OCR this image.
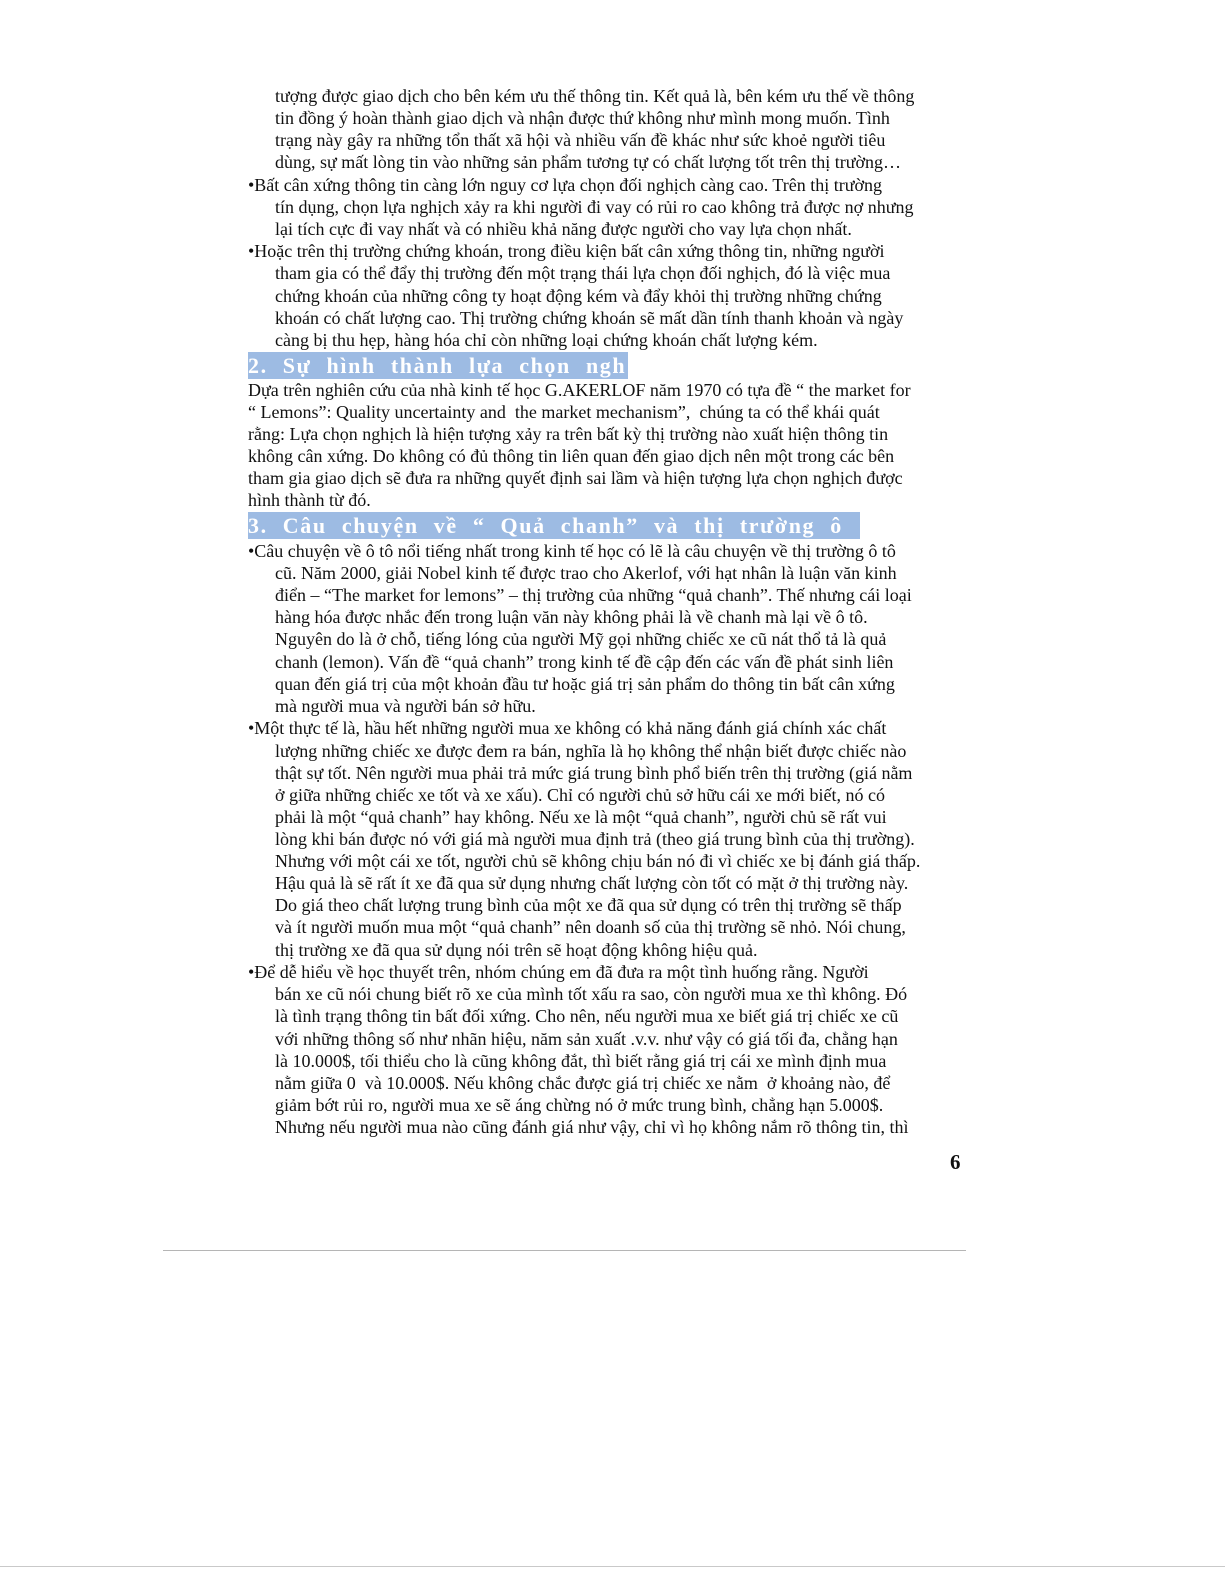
tượng được giao dịch cho bên kém ưu thế thông tin. Kết quả là, bên kém ưu thế về thông
tin đồng ý hoàn thành giao dịch và nhận được thứ không như mình mong muốn. Tình
trạng này gây ra những tổn thất xã hội và nhiều vấn đề khác như sức khoẻ người tiêu
dùng, sự mất lòng tin vào những sản phẩm tương tự có chất lượng tốt trên thị trường…
•Bất cân xứng thông tin càng lớn nguy cơ lựa chọn đối nghịch càng cao. Trên thị trường
tín dụng, chọn lựa nghịch xảy ra khi người đi vay có rủi ro cao không trả được nợ nhưng
lại tích cực đi vay nhất và có nhiều khả năng được người cho vay lựa chọn nhất.
•Hoặc trên thị trường chứng khoán, trong điều kiện bất cân xứng thông tin, những người
tham gia có thể đẩy thị trường đến một trạng thái lựa chọn đối nghịch, đó là việc mua
chứng khoán của những công ty hoạt động kém và đẩy khỏi thị trường những chứng
khoán có chất lượng cao. Thị trường chứng khoán sẽ mất dần tính thanh khoản và ngày
càng bị thu hẹp, hàng hóa chỉ còn những loại chứng khoán chất lượng kém.
2. Sự hình thành lựa chọn ngh
Dựa trên nghiên cứu của nhà kinh tế học G.AKERLOF năm 1970 có tựa đề “ the market for
“ Lemons”: Quality uncertainty and  the market mechanism”,  chúng ta có thể khái quát
rằng: Lựa chọn nghịch là hiện tượng xảy ra trên bất kỳ thị trường nào xuất hiện thông tin
không cân xứng. Do không có đủ thông tin liên quan đến giao dịch nên một trong các bên
tham gia giao dịch sẽ đưa ra những quyết định sai lầm và hiện tượng lựa chọn nghịch được
hình thành từ đó.
3. Câu chuyện về “ Quả chanh” và thị trường ô
•Câu chuyện về ô tô nổi tiếng nhất trong kinh tế học có lẽ là câu chuyện về thị trường ô tô
cũ. Năm 2000, giải Nobel kinh tế được trao cho Akerlof, với hạt nhân là luận văn kinh
điển – “The market for lemons” – thị trường của những “quả chanh”. Thế nhưng cái loại
hàng hóa được nhắc đến trong luận văn này không phải là về chanh mà lại về ô tô.
Nguyên do là ở chỗ, tiếng lóng của người Mỹ gọi những chiếc xe cũ nát thổ tả là quả
chanh (lemon). Vấn đề “quả chanh” trong kinh tế đề cập đến các vấn đề phát sinh liên
quan đến giá trị của một khoản đầu tư hoặc giá trị sản phẩm do thông tin bất cân xứng
mà người mua và người bán sở hữu.
•Một thực tế là, hầu hết những người mua xe không có khả năng đánh giá chính xác chất
lượng những chiếc xe được đem ra bán, nghĩa là họ không thể nhận biết được chiếc nào
thật sự tốt. Nên người mua phải trả mức giá trung bình phổ biến trên thị trường (giá nằm
ở giữa những chiếc xe tốt và xe xấu). Chỉ có người chủ sở hữu cái xe mới biết, nó có
phải là một “quả chanh” hay không. Nếu xe là một “quả chanh”, người chủ sẽ rất vui
lòng khi bán được nó với giá mà người mua định trả (theo giá trung bình của thị trường).
Nhưng với một cái xe tốt, người chủ sẽ không chịu bán nó đi vì chiếc xe bị đánh giá thấp.
Hậu quả là sẽ rất ít xe đã qua sử dụng nhưng chất lượng còn tốt có mặt ở thị trường này.
Do giá theo chất lượng trung bình của một xe đã qua sử dụng có trên thị trường sẽ thấp
và ít người muốn mua một “quả chanh” nên doanh số của thị trường sẽ nhỏ. Nói chung,
thị trường xe đã qua sử dụng nói trên sẽ hoạt động không hiệu quả.
•Để dễ hiểu về học thuyết trên, nhóm chúng em đã đưa ra một tình huống rằng. Người
bán xe cũ nói chung biết rõ xe của mình tốt xấu ra sao, còn người mua xe thì không. Đó
là tình trạng thông tin bất đối xứng. Cho nên, nếu người mua xe biết giá trị chiếc xe cũ
với những thông số như nhãn hiệu, năm sản xuất .v.v. như vậy có giá tối đa, chẳng hạn
là 10.000$, tối thiểu cho là cũng không đắt, thì biết rằng giá trị cái xe mình định mua
nằm giữa 0  và 10.000$. Nếu không chắc được giá trị chiếc xe nằm  ở khoảng nào, để
giảm bớt rủi ro, người mua xe sẽ áng chừng nó ở mức trung bình, chẳng hạn 5.000$.
Nhưng nếu người mua nào cũng đánh giá như vậy, chỉ vì họ không nắm rõ thông tin, thì
6
